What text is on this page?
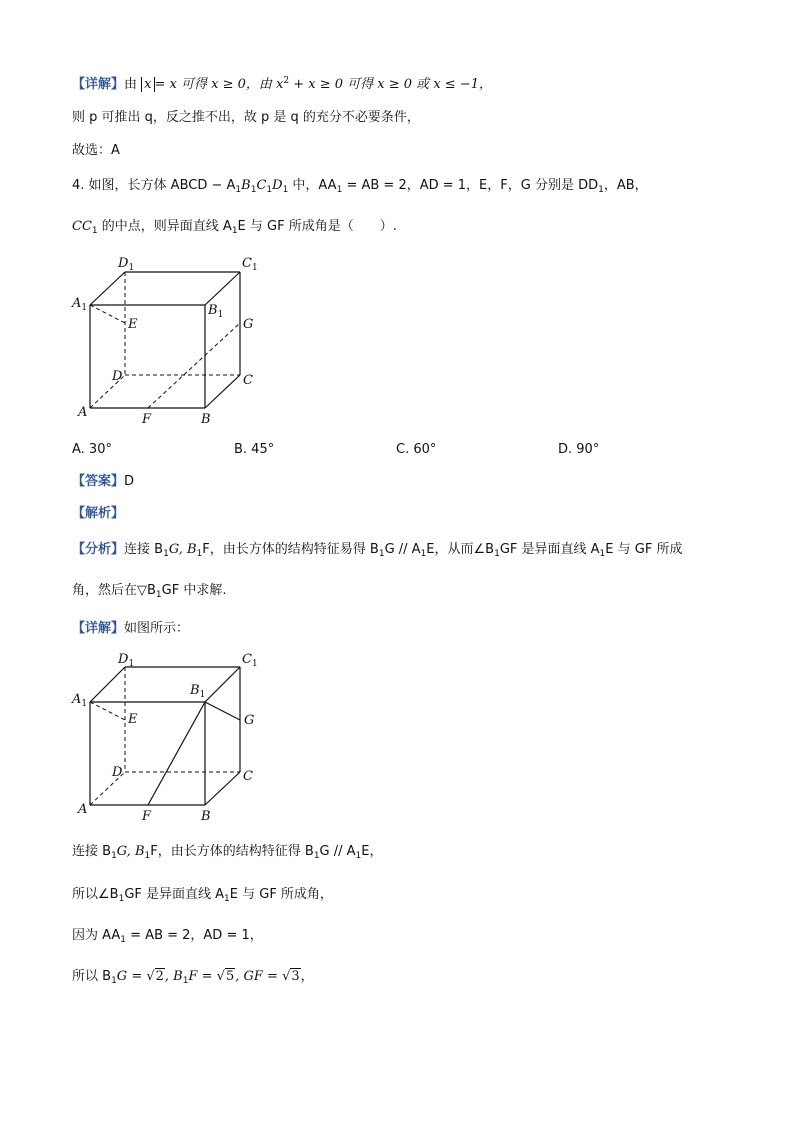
【详解】由 x = x 可得 x ≥ 0，由 $x^2 + x \ge 0$ 可得 x ≥ 0 或 x ≤ −1，
则 p 可推出 q，反之推不出，故 p 是 q 的充分不必要条件，
故选：A
4. 如图，长方体 ABCD − $A_1B_1C_1D_1$ 中，$AA_1$ = AB = 2，AD = 1，E，F，G 分别是 $DD_1$，AB，
$CC_1$ 的中点，则异面直线 $A_1E$ 与 GF 所成角是（　　）.
$D_1$	$C_1$
$A_1$	$B_1$
E	G
D	C
A	F	B
A. 30°	B. 45°	C. 60°	D. 90°
【答案】D
【解析】
【分析】连接 $B_1G$, $B_1F$，由长方体的结构特征易得 $B_1G // A_1E$，从而$\angle B_1GF$ 是异面直线 $A_1E$ 与 GF 所成
角，然后在$▽B_1GF$ 中求解.
【详解】如图所示：
$D_1$	$C_1$
$A_1$
$B_1$
E	G
D	C
A	F	B
连接 $B_1G$, $B_1F$，由长方体的结构特征得 $B_1G // A_1E$，
所以$\angle B_1GF$ 是异面直线 $A_1E$ 与 GF 所成角，
因为 $AA_1$ = AB = 2，AD = 1，
所以 $B_1G = √2$, $B_1F = √5$, GF = √3，
